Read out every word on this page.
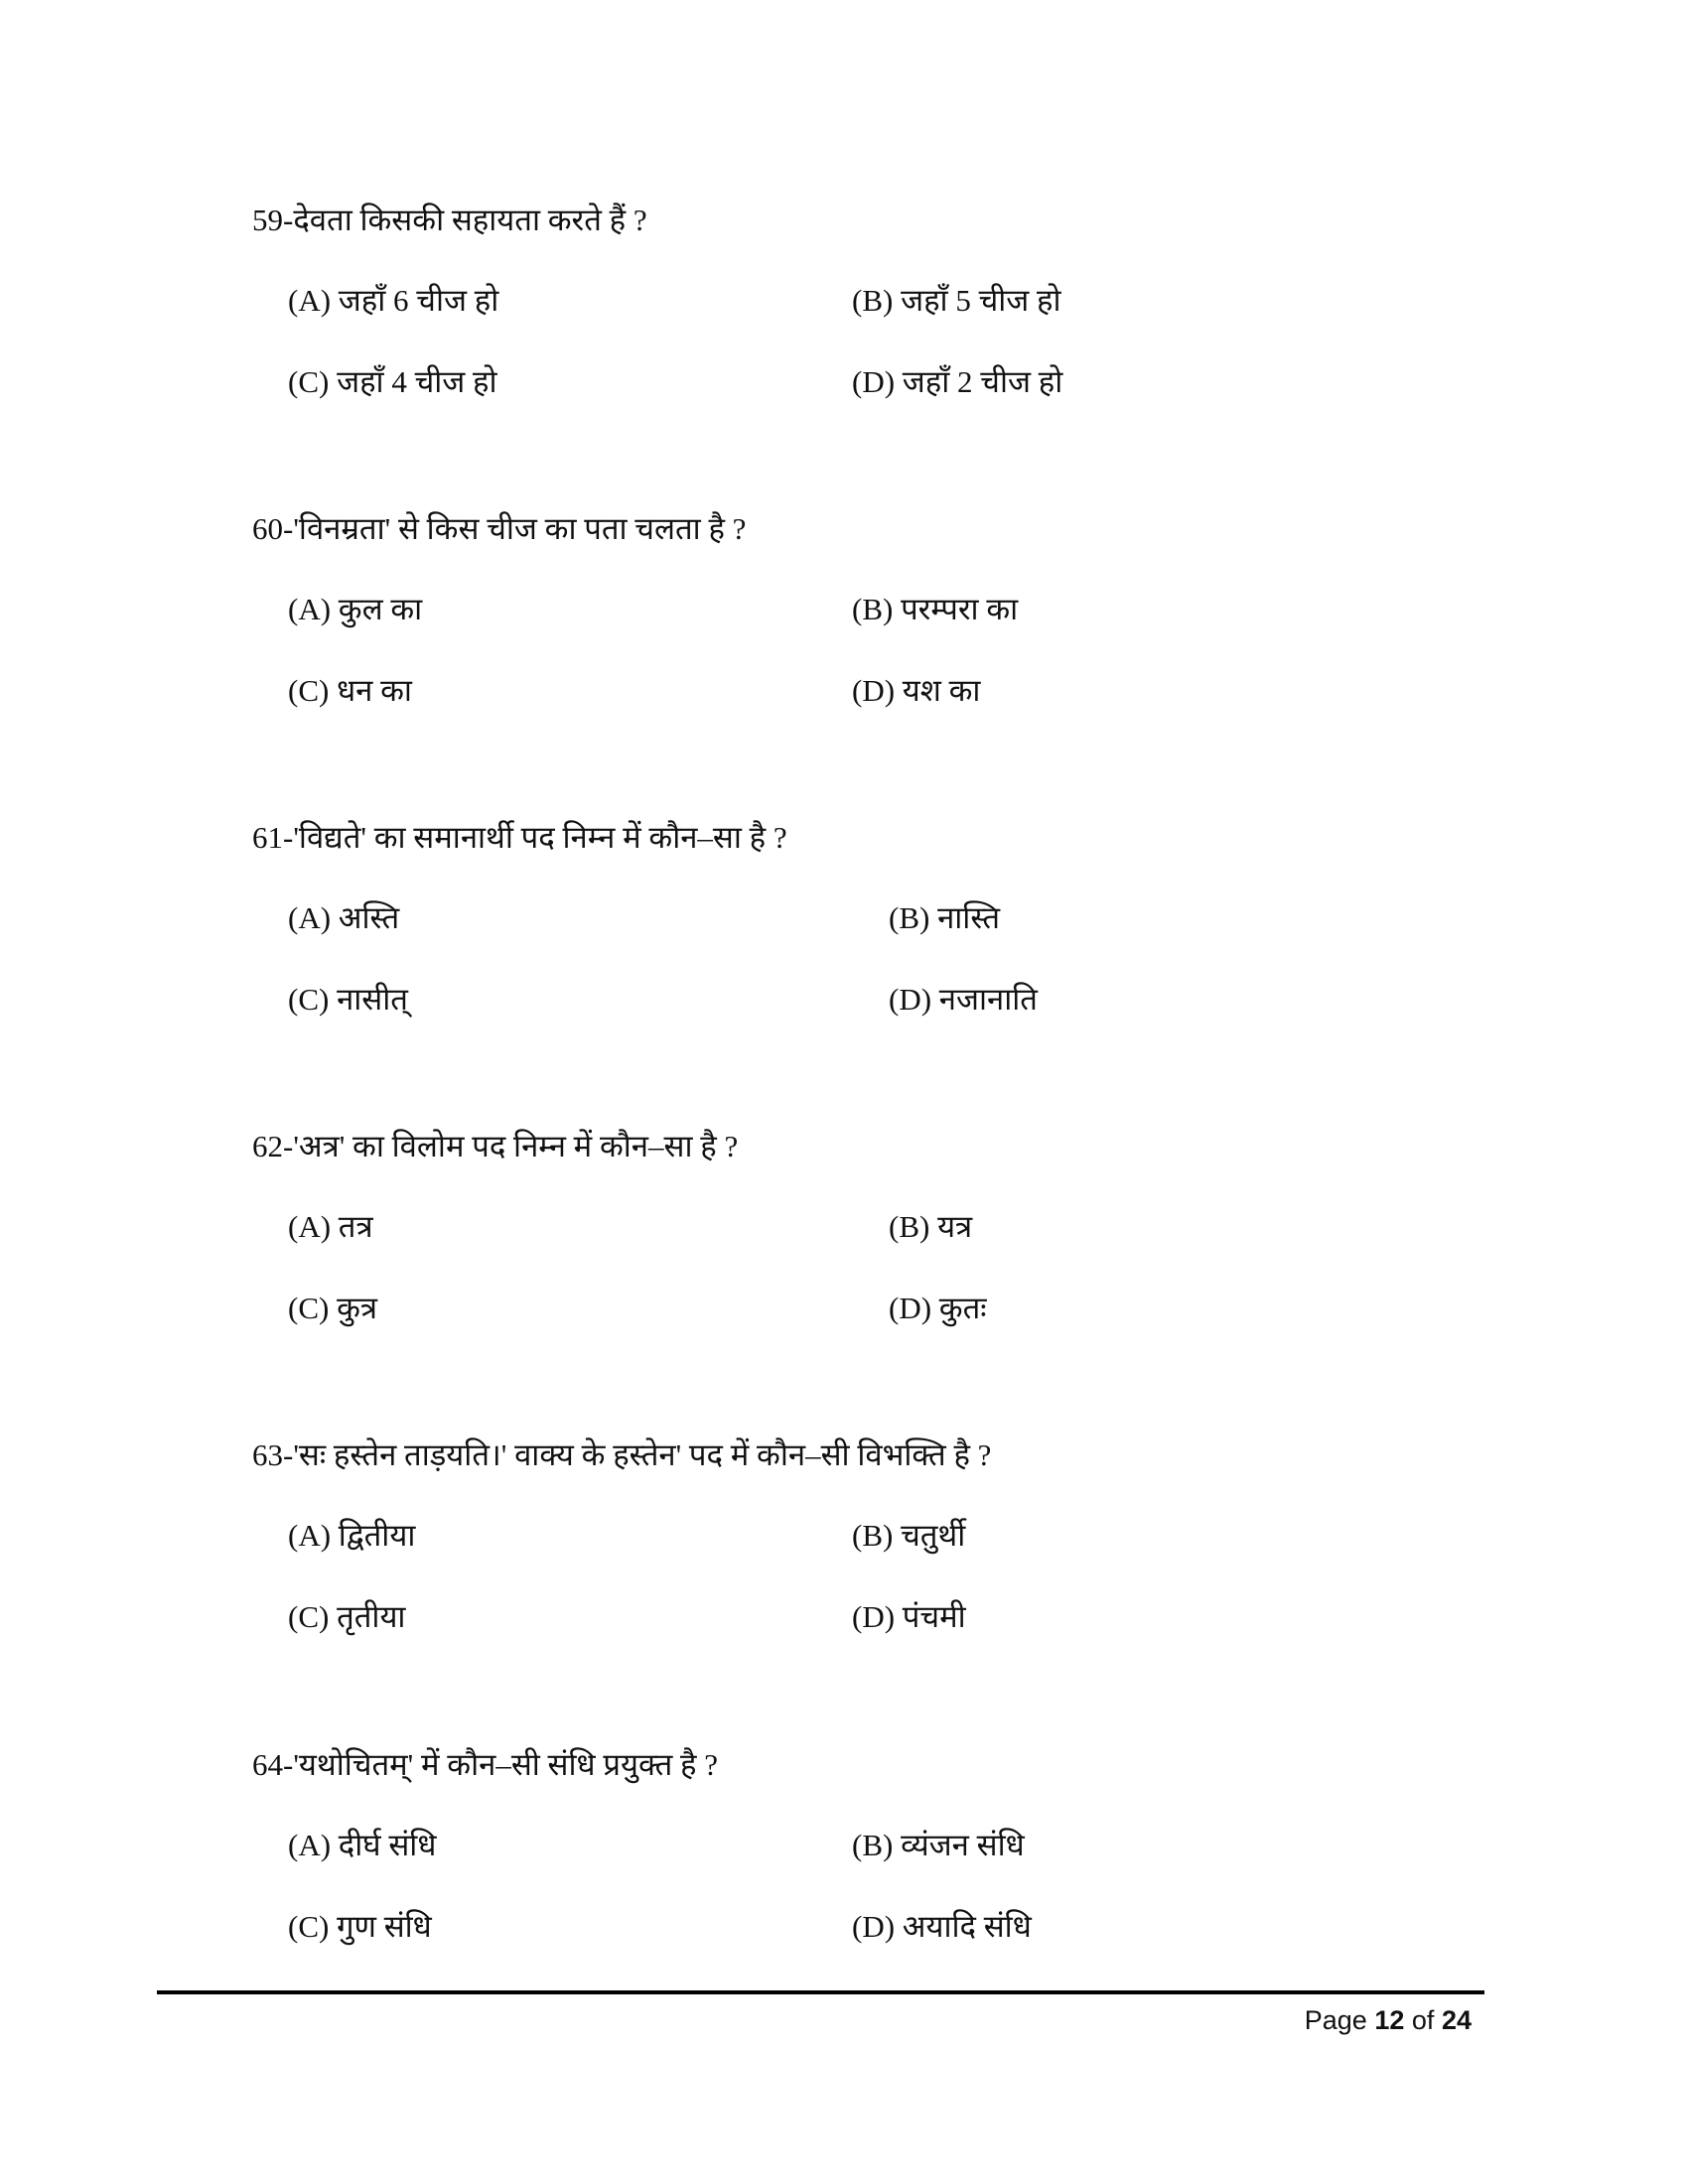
59-देवता किसकी सहायता करते हैं ?
(A) जहाँ 6 चीज हो	(B) जहाँ 5 चीज हो
(C) जहाँ 4 चीज हो	(D) जहाँ 2 चीज हो
60-'विनम्रता' से किस चीज का पता चलता है ?
(A) कुल का	(B) परम्परा का
(C) धन का	(D) यश का
61-'विद्यते' का समानार्थी पद निम्न में कौन–सा है ?
(A) अस्ति	(B) नास्ति
(C) नासीत्	(D) नजानाति
62-'अत्र' का विलोम पद निम्न में कौन–सा है ?
(A) तत्र	(B) यत्र
(C) कुत्र	(D) कुतः
63-'सः हस्तेन ताड़यति।' वाक्य के हस्तेन' पद में कौन–सी विभक्ति है ?
(A) द्वितीया	(B) चतुर्थी
(C) तृतीया	(D) पंचमी
64-'यथोचितम्' में कौन–सी संधि प्रयुक्त है ?
(A) दीर्घ संधि	(B) व्यंजन संधि
(C) गुण संधि	(D) अयादि संधि
Page 12 of 24
